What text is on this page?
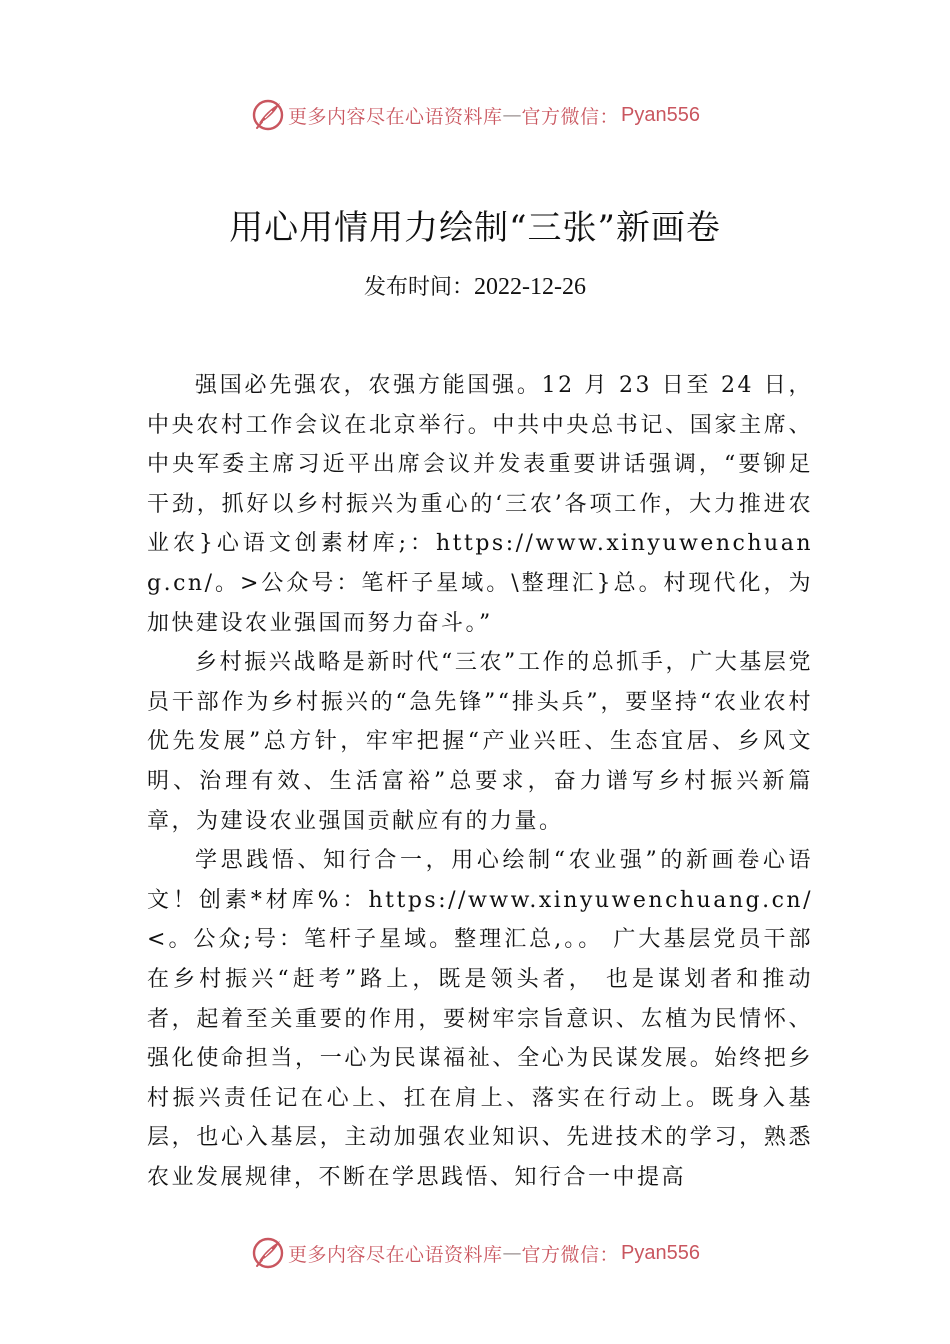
更多内容尽在心语资料库 — 官方微信： Pyan556
用心用情用力绘制“三张”新画卷
发布时间：2022-12-26

强国必先强农，农强方能国强。12 月 23 日至 24 日，中央农村工作会议在北京举行。中共中央总书记、国家主席、中央军委主席习近平出席会议并发表重要讲话强调，“要铆足干劲，抓好以乡村振兴为重心的‘三农’各项工作，大力推进农业农}心语文创素材库;：https://www.xinyuwenchuang.cn/。>公众号：笔杆子星域。\整理汇}总。村现代化，为加快建设农业强国而努力奋斗。”

乡村振兴战略是新时代“三农”工作的总抓手，广大基层党员干部作为乡村振兴的“急先锋”“排头兵”，要坚持“农业农村优先发展”总方针，牢牢把握“产业兴旺、生态宜居、乡风文明、治理有效、生活富裕”总要求，奋力谱写乡村振兴新篇章，为建设农业强国贡献应有的力量。

学思践悟、知行合一，用心绘制“农业强”的新画卷心语文！创素*材库%：https://www.xinyuwenchuang.cn/<。公众;号：笔杆子星域。整理汇总,。。 广大基层党员干部在乡村振兴“赶考”路上，既是领头者， 也是谋划者和推动者，起着至关重要的作用，要树牢宗旨意识、厷植为民情怀、强化使命担当，一心为民谋福祉、全心为民谋发展。始终把乡村振兴责任记在心上、扛在肩上、落实在行动上。既身入基层，也心入基层，主动加强农业知识、先进技术的学习，熟悉农业发展规律，不断在学思践悟、知行合一中提高

更多内容尽在心语资料库 — 官方微信： Pyan556
